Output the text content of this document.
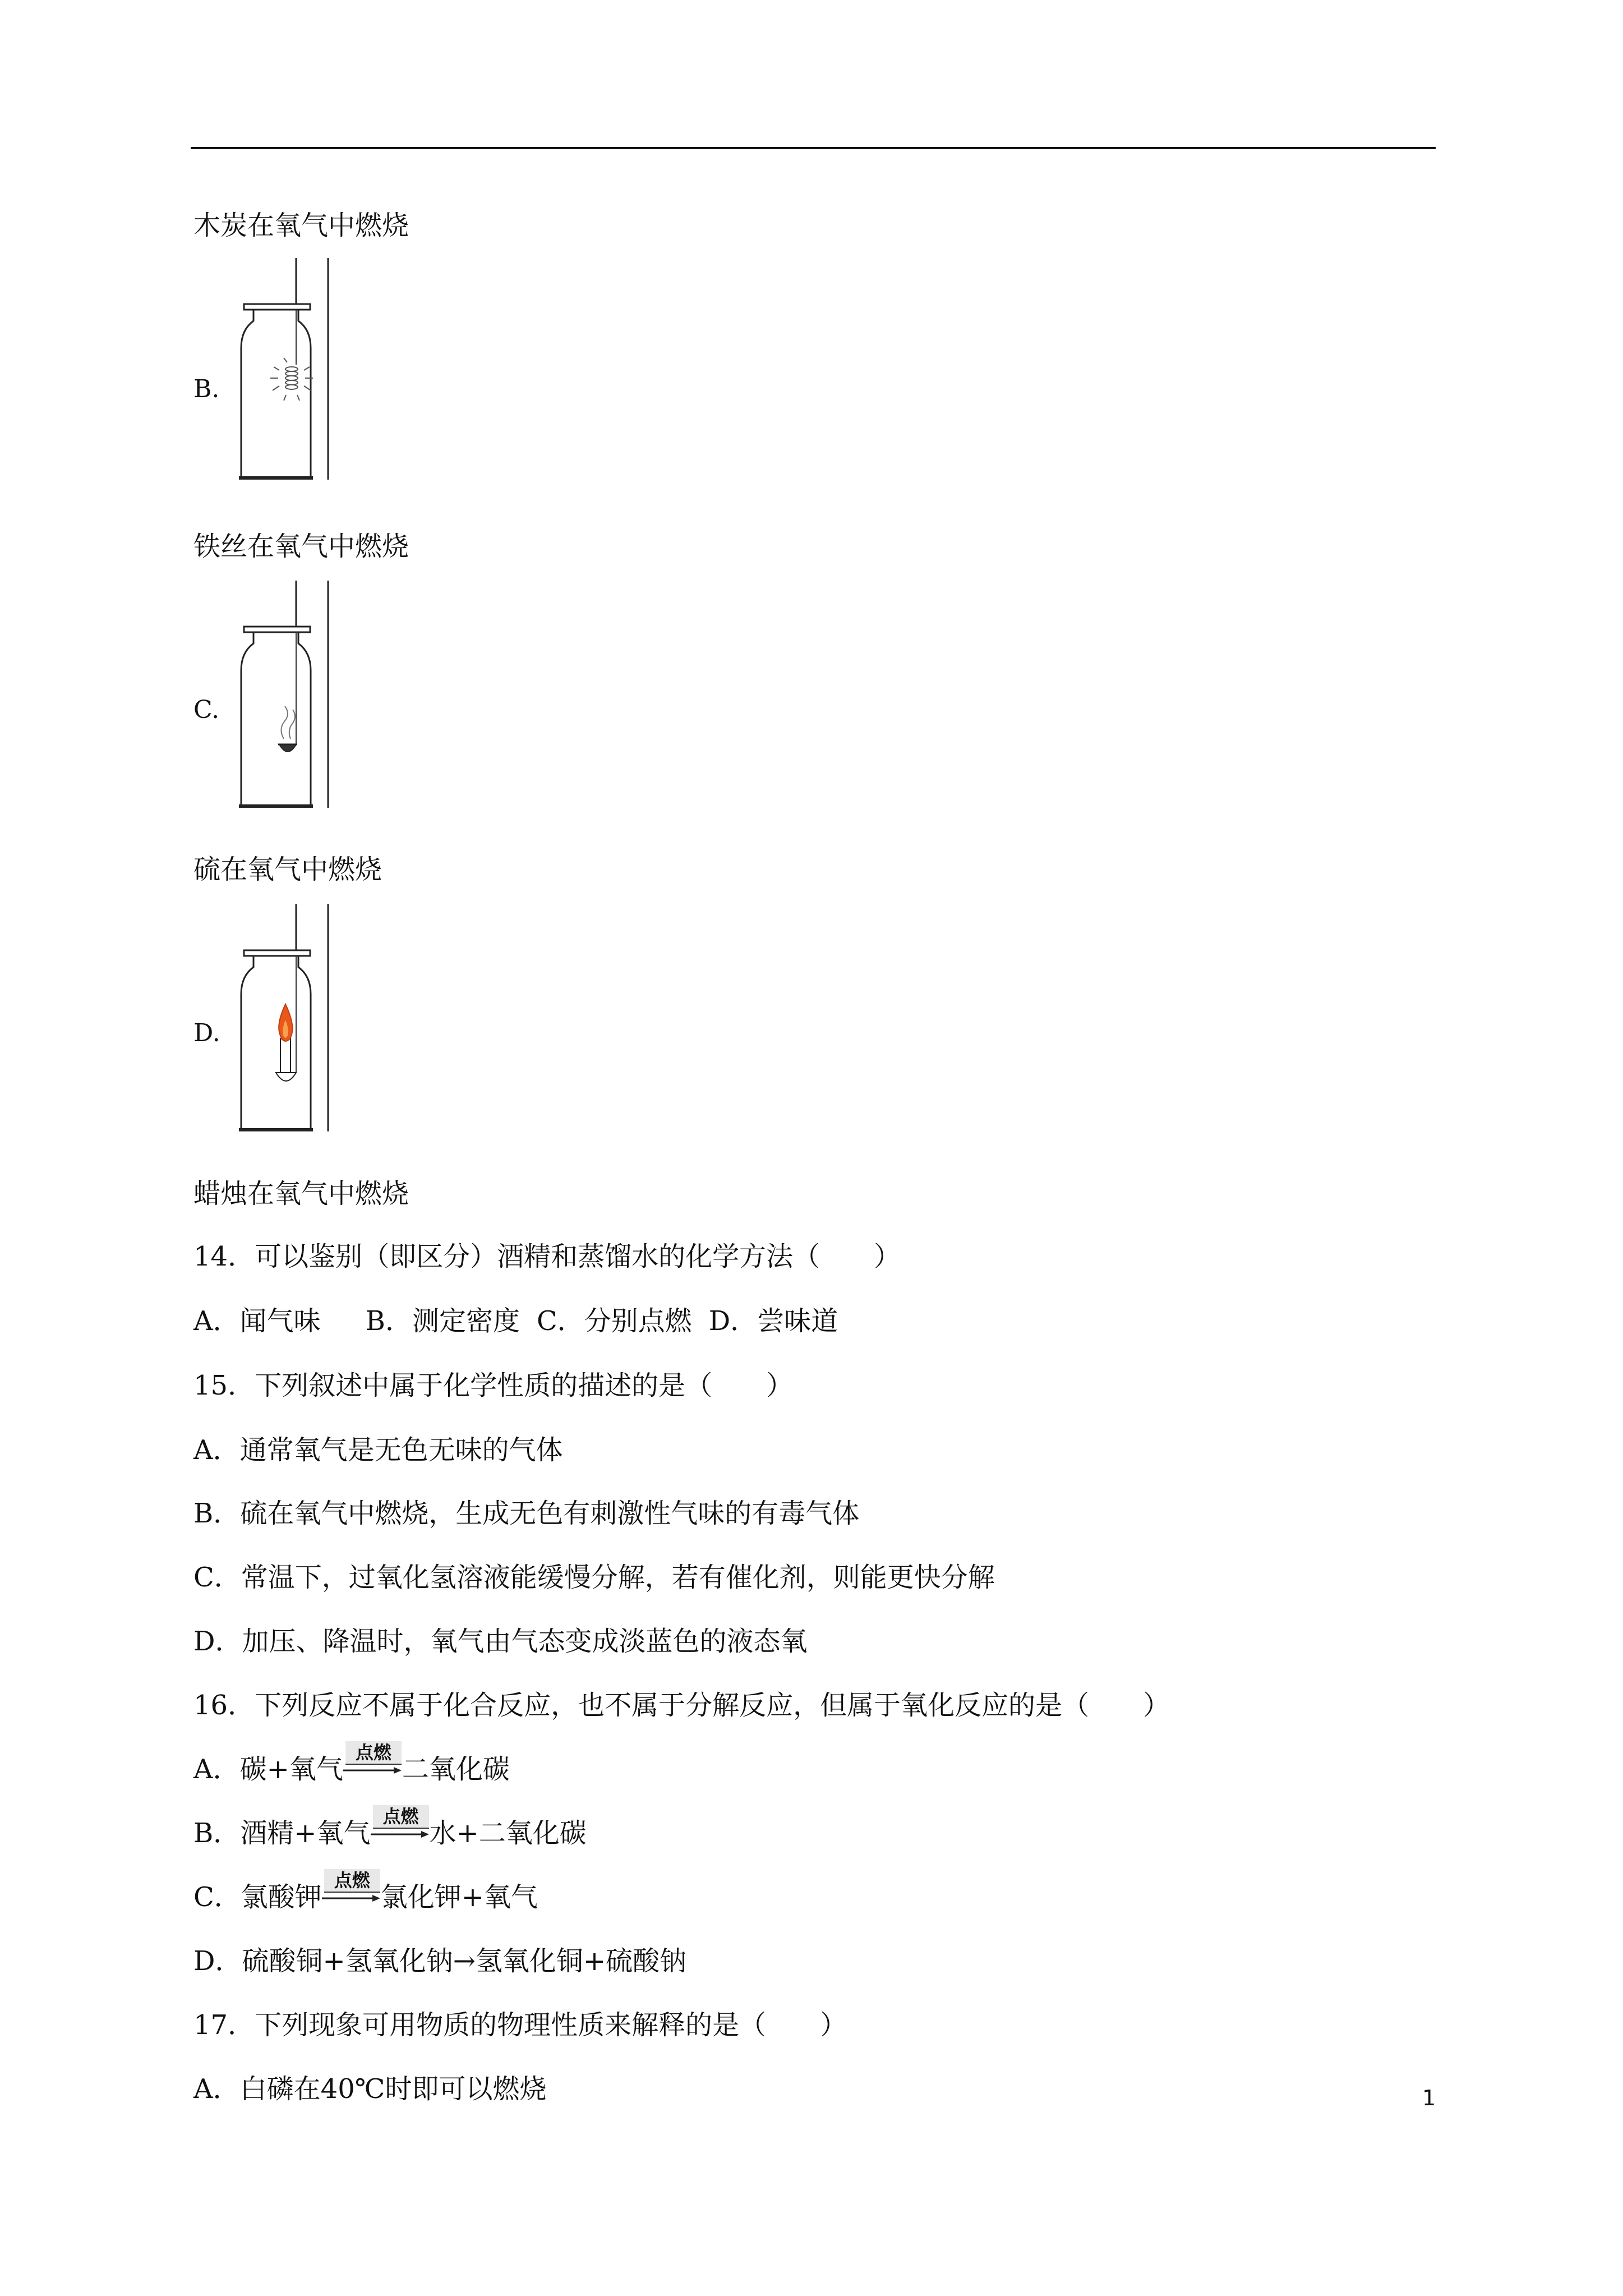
木炭在氧气中燃烧
B.
铁丝在氧气中燃烧
C.
硫在氧气中燃烧
D.
蜡烛在氧气中燃烧
14．可以鉴别（即区分）酒精和蒸馏水的化学方法（　　）
A．闻气味 B．测定密度 C．分别点燃 D．尝味道
15．下列叙述中属于化学性质的描述的是（　　）
A．通常氧气是无色无味的气体
B．硫在氧气中燃烧，生成无色有刺激性气味的有毒气体
C．常温下，过氧化氢溶液能缓慢分解，若有催化剂，则能更快分解
D．加压、降温时，氧气由气态变成淡蓝色的液态氧
16．下列反应不属于化合反应，也不属于分解反应，但属于氧化反应的是（　　）
A．碳+氧气
点燃
二氧化碳
B．酒精+氧气
点燃
水+二氧化碳
C．氯酸钾
点燃
氯化钾+氧气
D．硫酸铜+氢氧化钠→氢氧化铜+硫酸钠
17．下列现象可用物质的物理性质来解释的是（　　）
A．白磷在40℃时即可以燃烧	1
